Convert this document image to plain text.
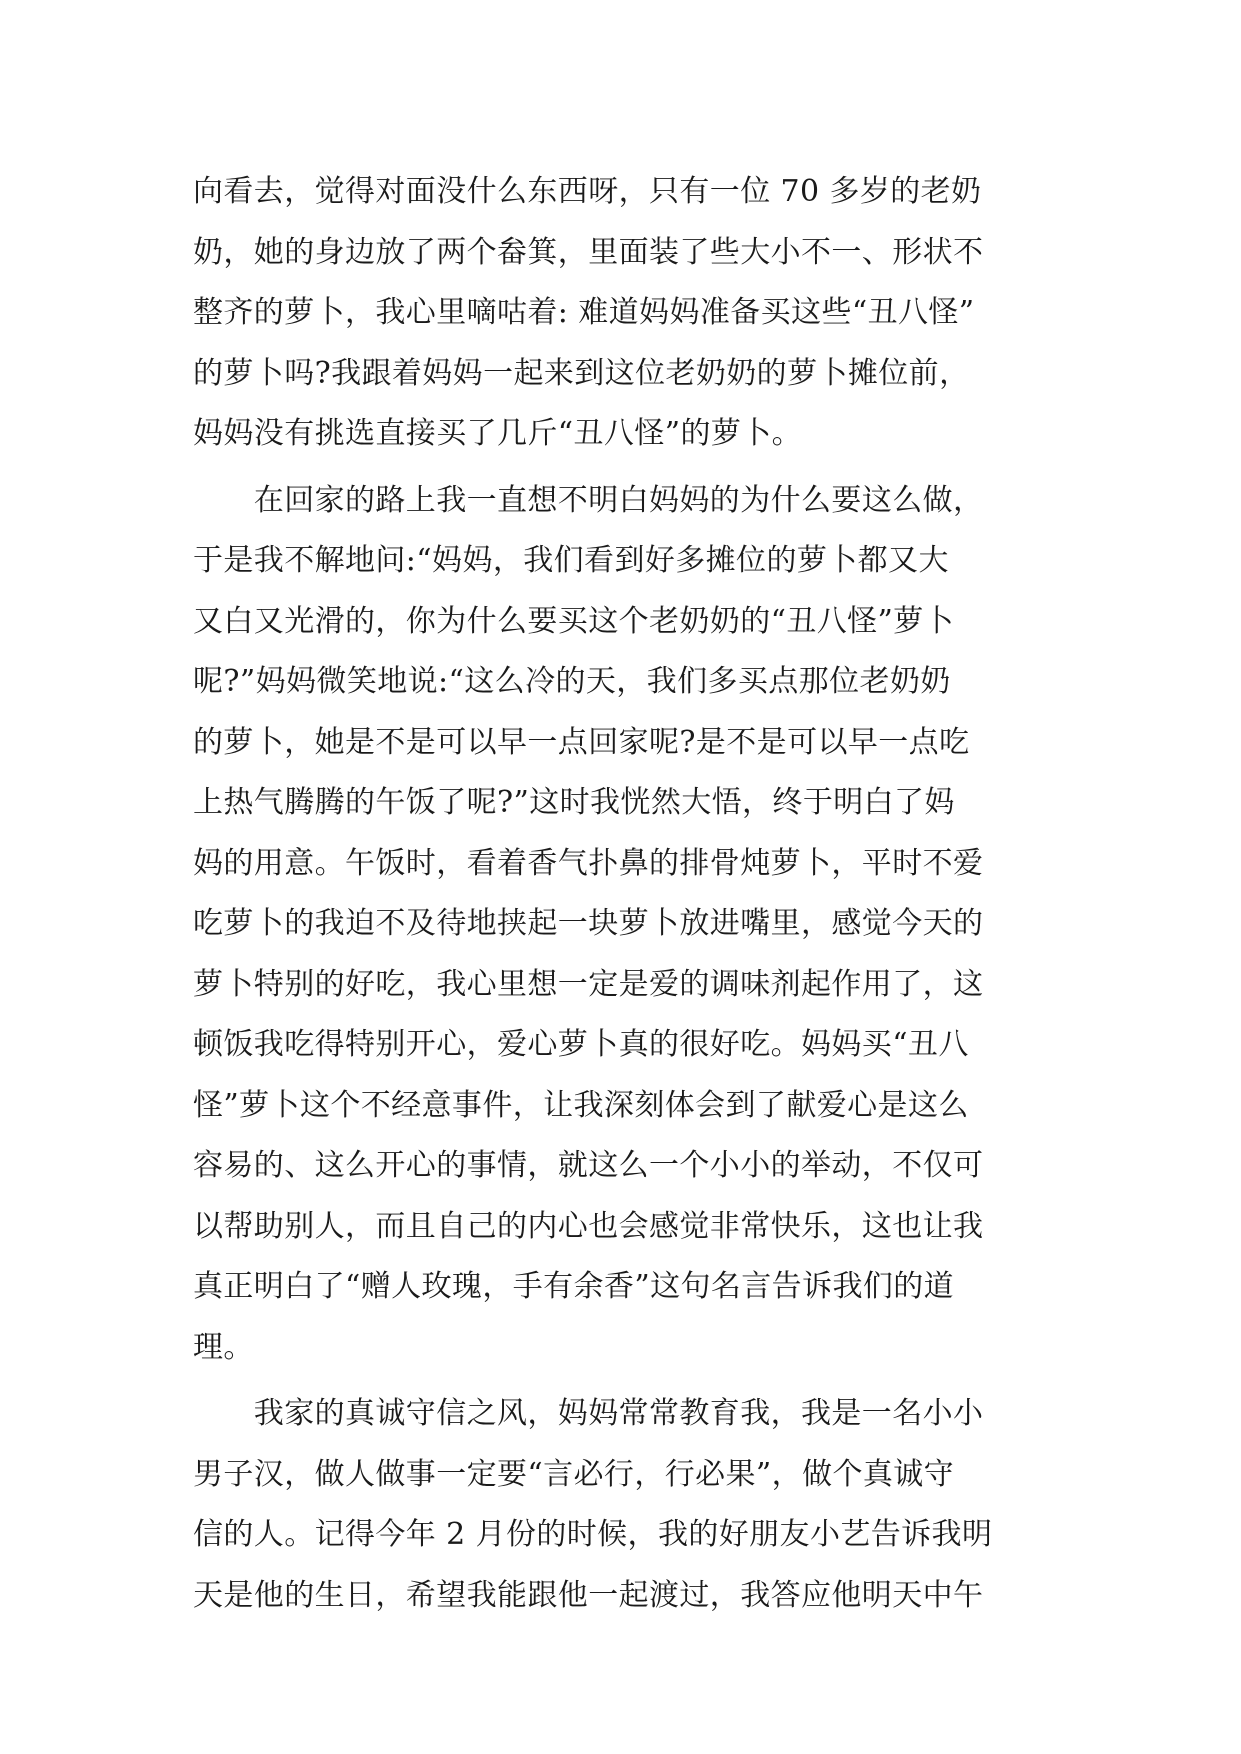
向看去，觉得对面没什么东西呀，只有一位 70 多岁的老奶
奶，她的身边放了两个畚箕，里面装了些大小不一、形状不
整齐的萝卜，我心里嘀咕着: 难道妈妈准备买这些“丑八怪”
的萝卜吗?我跟着妈妈一起来到这位老奶奶的萝卜摊位前，
妈妈没有挑选直接买了几斤“丑八怪”的萝卜。
　　在回家的路上我一直想不明白妈妈的为什么要这么做，
于是我不解地问:“妈妈，我们看到好多摊位的萝卜都又大
又白又光滑的，你为什么要买这个老奶奶的“丑八怪”萝卜
呢?”妈妈微笑地说:“这么冷的天，我们多买点那位老奶奶
的萝卜，她是不是可以早一点回家呢?是不是可以早一点吃
上热气腾腾的午饭了呢?”这时我恍然大悟，终于明白了妈
妈的用意。午饭时，看着香气扑鼻的排骨炖萝卜，平时不爱
吃萝卜的我迫不及待地挟起一块萝卜放进嘴里，感觉今天的
萝卜特别的好吃，我心里想一定是爱的调味剂起作用了，这
顿饭我吃得特别开心，爱心萝卜真的很好吃。妈妈买“丑八
怪”萝卜这个不经意事件，让我深刻体会到了献爱心是这么
容易的、这么开心的事情，就这么一个小小的举动，不仅可
以帮助别人，而且自己的内心也会感觉非常快乐，这也让我
真正明白了“赠人玫瑰，手有余香”这句名言告诉我们的道
理。
　　我家的真诚守信之风，妈妈常常教育我，我是一名小小
男子汉，做人做事一定要“言必行，行必果”，做个真诚守
信的人。记得今年 2 月份的时候，我的好朋友小艺告诉我明
天是他的生日，希望我能跟他一起渡过，我答应他明天中午
